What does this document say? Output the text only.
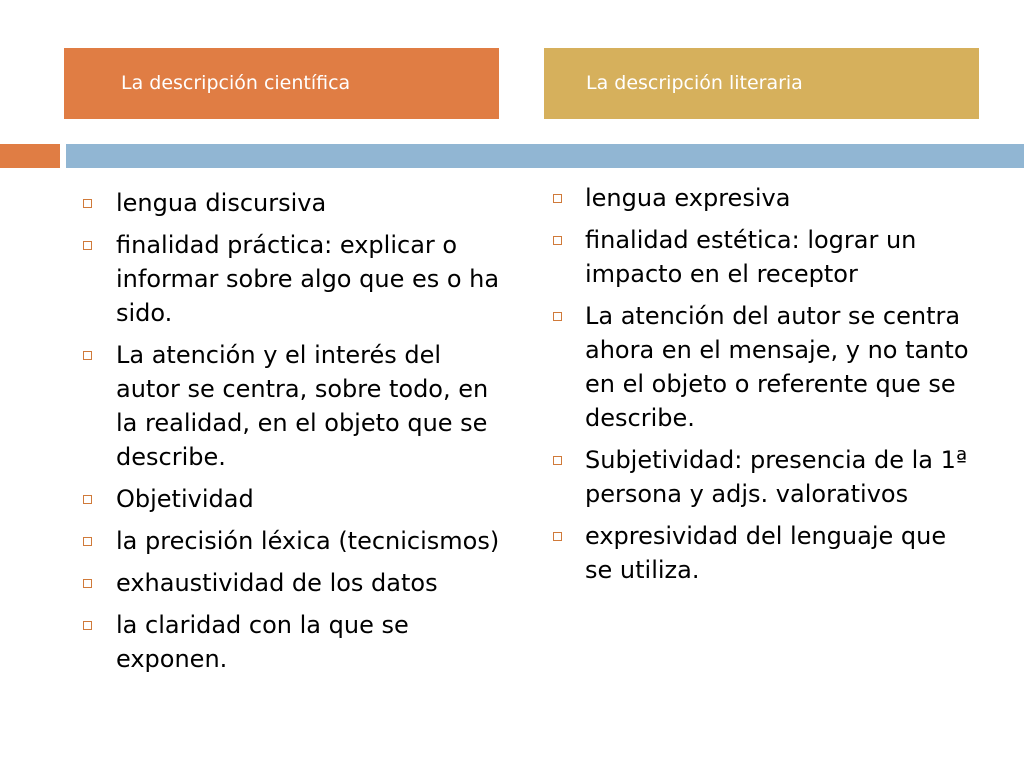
La descripción científica	La descripción literaria
lengua discursiva
finalidad práctica: explicar o informar sobre algo que es o ha sido.
La atención y el interés del autor se centra, sobre todo, en la realidad, en el objeto que se describe.
Objetividad
la precisión léxica (tecnicismos)
exhaustividad de los datos
la claridad con la que se exponen.
lengua expresiva
finalidad estética: lograr un impacto en el receptor
La atención del autor se centra ahora en el mensaje, y no tanto en el objeto o referente que se describe.
Subjetividad: presencia de la 1ª persona y adjs. valorativos
expresividad del lenguaje que se utiliza.
